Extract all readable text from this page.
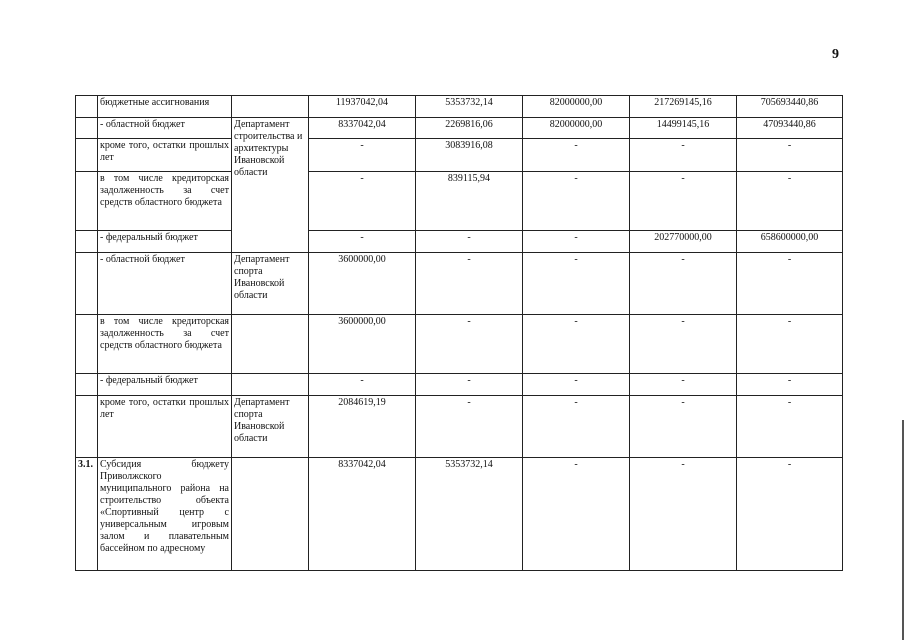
9
	бюджетные ассигнования		11937042,04	5353732,14	82000000,00	217269145,16	705693440,86
	- областной бюджет	Департамент строительства и архитектуры Ивановской области	8337042,04	2269816,06	82000000,00	14499145,16	47093440,86
	кроме того, остатки прошлых лет		-	3083916,08	-	-	-
	в том числе кредиторская задолженность за счет средств областного бюджета		-	839115,94	-	-	-
	- федеральный бюджет		-	-	-	202770000,00	658600000,00
	- областной бюджет	Департамент спорта Ивановской области	3600000,00	-	-	-	-
	в том числе кредиторская задолженность за счет средств областного бюджета		3600000,00	-	-	-	-
	- федеральный бюджет		-	-	-	-	-
	кроме того, остатки прошлых лет	Департамент спорта Ивановской области	2084619,19	-	-	-	-
3.1.	Субсидия бюджету Приволжского муниципального района на строительство объекта «Спортивный центр с универсальным игровым залом и плавательным бассейном по адресному		8337042,04	5353732,14	-	-	-
